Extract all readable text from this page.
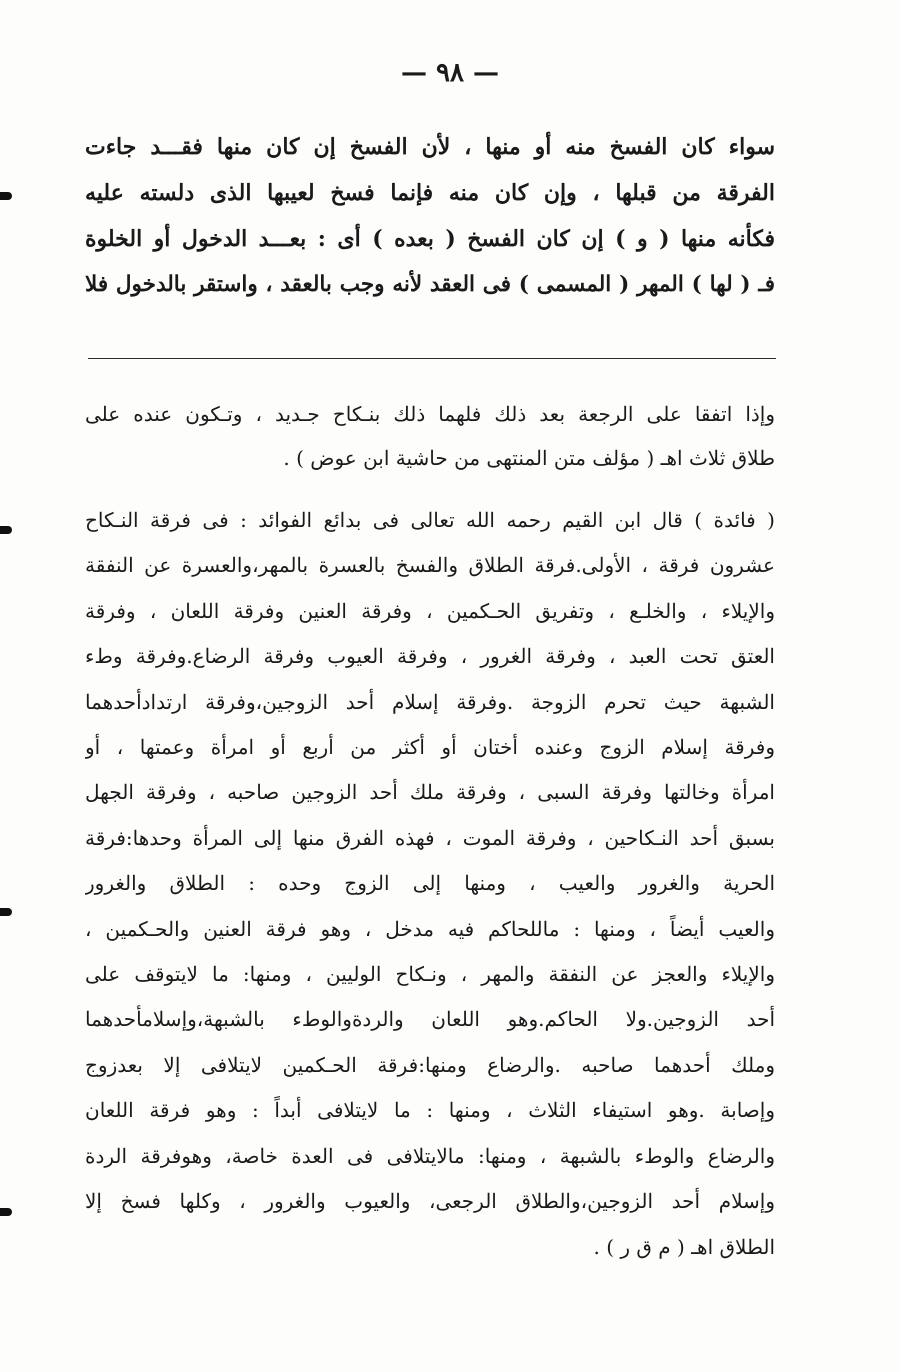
— ٩٨ —
سواء كان الفسخ منه أو منها ، لأن الفسخ إن كان منها فقـــد جاءت
الفرقة من قبلها ، وإن كان منه فإنما فسخ لعيبها الذى دلسته عليه
فكأنه منها ( و ) إن كان الفسخ ( بعده ) أى : بعـــد الدخول أو الخلوة
فـ ( لها ) المهر ( المسمى ) فى العقد لأنه وجب بالعقد ، واستقر بالدخول فلا
وإذا اتفقا على الرجعة بعد ذلك فلهما ذلك بنـكاح جـديد ، وتـكون عنده على
طلاق ثلاث اهـ ( مؤلف متن المنتهى من حاشية ابن عوض ) .
( فائدة ) قال ابن القيم رحمه الله تعالى فى بدائع الفوائد : فى فرقة النـكاح
عشرون فرقة ، الأولى.فرقة الطلاق والفسخ بالعسرة بالمهر،والعسرة عن النفقة
والإيلاء ، والخلـع ، وتفريق الحـكمين ، وفرقة العنين وفرقة اللعان ، وفرقة
العتق تحت العبد ، وفرقة الغرور ، وفرقة العيوب وفرقة الرضاع.وفرقة وطء
الشبهة حيث تحرم الزوجة .وفرقة إسلام أحد الزوجين،وفرقة ارتدادأحدهما
وفرقة إسلام الزوج وعنده أختان أو أكثر من أربع أو امرأة وعمتها ، أو
امرأة وخالتها وفرقة السبى ، وفرقة ملك أحد الزوجين صاحبه ، وفرقة الجهل
بسبق أحد النـكاحين ، وفرقة الموت ، فهذه الفرق منها إلى المرأة وحدها:فرقة
الحرية والغرور والعيب ، ومنها إلى الزوج وحده : الطلاق والغرور
والعيب أيضاً ، ومنها : ماللحاكم فيه مدخل ، وهو فرقة العنين والحـكمين ،
والإيلاء والعجز عن النفقة والمهر ، ونـكاح الوليين ، ومنها: ما لايتوقف على
أحد الزوجين.ولا الحاكم.وهو اللعان والردةوالوطء بالشبهة،وإسلامأحدهما
وملك أحدهما صاحبه .والرضاع ومنها:فرقة الحـكمين لايتلافى إلا بعدزوج
وإصابة .وهو استيفاء الثلاث ، ومنها : ما لايتلافى أبداً : وهو فرقة اللعان
والرضاع والوطء بالشبهة ، ومنها: مالايتلافى فى العدة خاصة، وهوفرقة الردة
وإسلام أحد الزوجين،والطلاق الرجعى، والعيوب والغرور ، وكلها فسخ إلا
الطلاق اهـ ( م ق ر ) .
